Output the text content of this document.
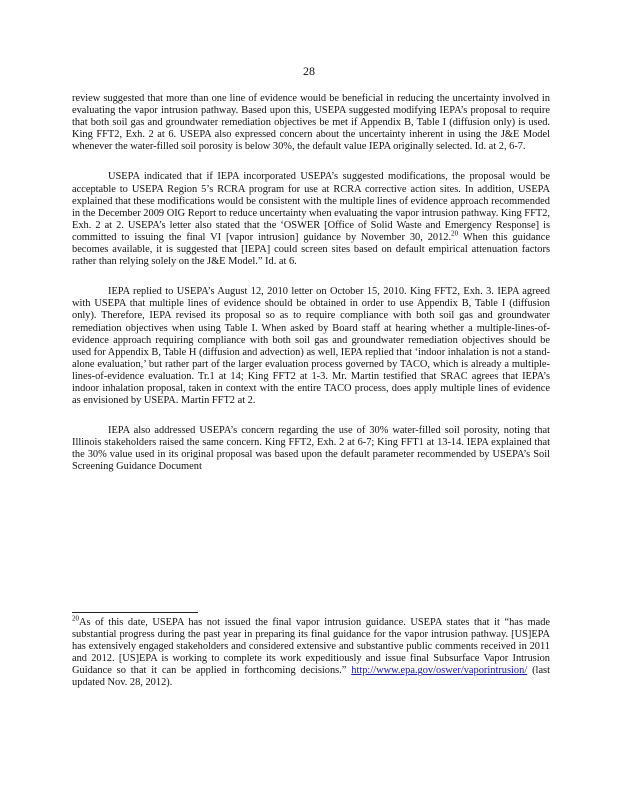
28

review suggested that more than one line of evidence would be beneficial in reducing the uncertainty involved in evaluating the vapor intrusion pathway. Based upon this, USEPA suggested modifying IEPA’s proposal to require that both soil gas and groundwater remediation objectives be met if Appendix B, Table I (diffusion only) is used. King FFT2, Exh. 2 at 6. USEPA also expressed concern about the uncertainty inherent in using the J&E Model whenever the water-filled soil porosity is below 30%, the default value IEPA originally selected. Id. at 2, 6-7.

USEPA indicated that if IEPA incorporated USEPA’s suggested modifications, the proposal would be acceptable to USEPA Region 5’s RCRA program for use at RCRA corrective action sites. In addition, USEPA explained that these modifications would be consistent with the multiple lines of evidence approach recommended in the December 2009 OIG Report to reduce uncertainty when evaluating the vapor intrusion pathway. King FFT2, Exh. 2 at 2. USEPA’s letter also stated that the ‘OSWER [Office of Solid Waste and Emergency Response] is committed to issuing the final VI [vapor intrusion] guidance by November 30, 2012.20 When this guidance becomes available, it is suggested that [IEPA] could screen sites based on default empirical attenuation factors rather than relying solely on the J&E Model.” Id. at 6.

IEPA replied to USEPA’s August 12, 2010 letter on October 15, 2010. King FFT2, Exh. 3. IEPA agreed with USEPA that multiple lines of evidence should be obtained in order to use Appendix B, Table I (diffusion only). Therefore, IEPA revised its proposal so as to require compliance with both soil gas and groundwater remediation objectives when using Table I. When asked by Board staff at hearing whether a multiple-lines-of-evidence approach requiring compliance with both soil gas and groundwater remediation objectives should be used for Appendix B, Table H (diffusion and advection) as well, IEPA replied that ‘indoor inhalation is not a stand-alone evaluation,’ but rather part of the larger evaluation process governed by TACO, which is already a multiple-lines-of-evidence evaluation. Tr.1 at 14; King FFT2 at 1-3. Mr. Martin testified that SRAC agrees that IEPA’s indoor inhalation proposal, taken in context with the entire TACO process, does apply multiple lines of evidence as envisioned by USEPA. Martin FFT2 at 2.

IEPA also addressed USEPA’s concern regarding the use of 30% water-filled soil porosity, noting that Illinois stakeholders raised the same concern. King FFT2, Exh. 2 at 6-7; King FFT1 at 13-14. IEPA explained that the 30% value used in its original proposal was based upon the default parameter recommended by USEPA’s Soil Screening Guidance Document

$^{20}$As of this date, USEPA has not issued the final vapor intrusion guidance. USEPA states that it “has made substantial progress during the past year in preparing its final guidance for the vapor intrusion pathway. [US]EPA has extensively engaged stakeholders and considered extensive and substantive public comments received in 2011 and 2012. [US]EPA is working to complete its work expeditiously and issue final Subsurface Vapor Intrusion Guidance so that it can be applied in forthcoming decisions.” http://www.epa.gov/oswer/vaporintrusion/ (last updated Nov. 28, 2012).
